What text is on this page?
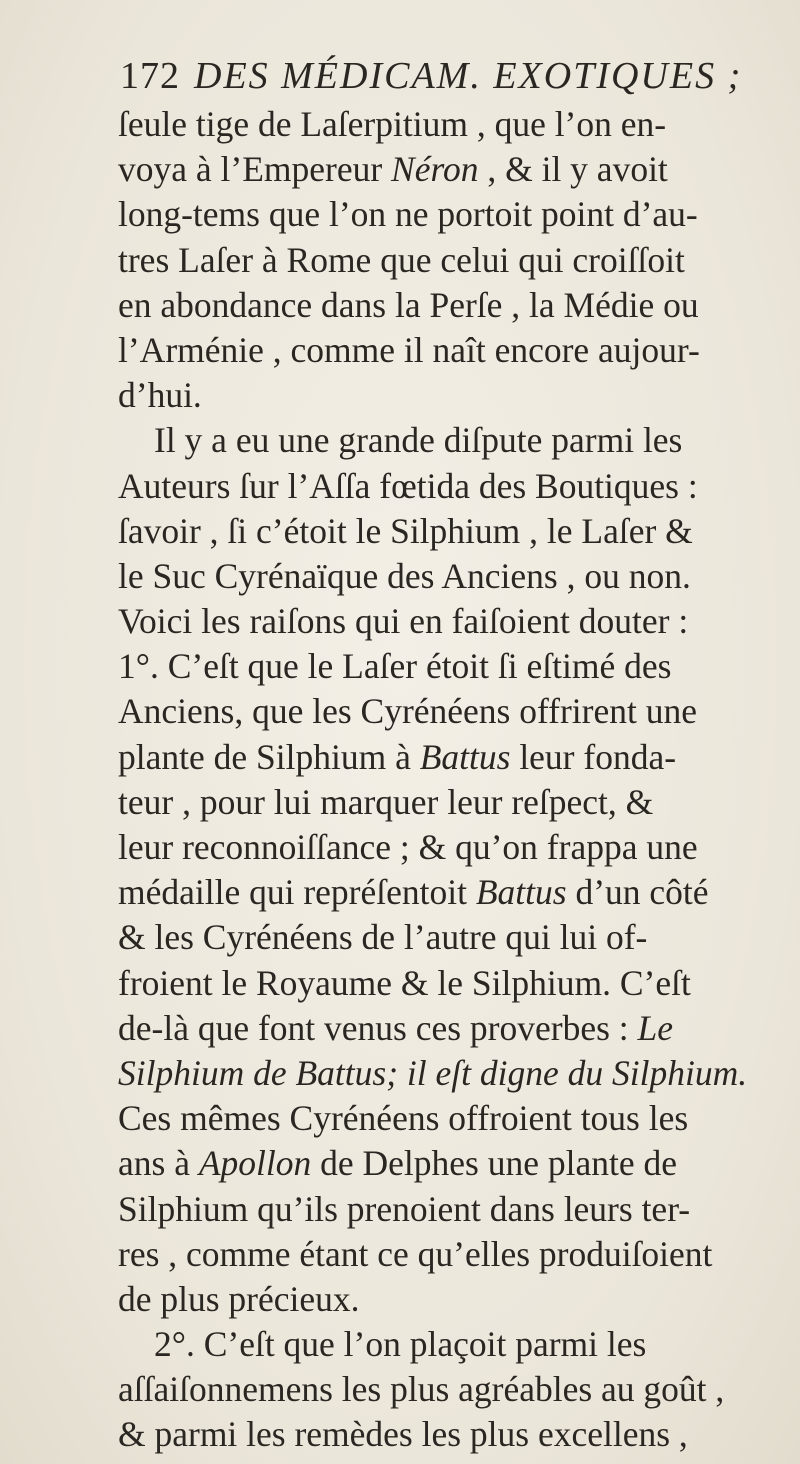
172 DES MÉDICAM. EXOTIQUES ;
ſeule tige de Laſerpitium , que l’on en-
voya à l’Empereur Néron , & il y avoit
long-tems que l’on ne portoit point d’au-
tres Laſer à Rome que celui qui croiſſoit
en abondance dans la Perſe , la Médie ou
l’Arménie , comme il naît encore aujour-
d’hui.
Il y a eu une grande diſpute parmi les
Auteurs ſur l’Aſſa fœtida des Boutiques :
ſavoir , ſi c’étoit le Silphium , le Laſer &
le Suc Cyrénaïque des Anciens , ou non.
Voici les raiſons qui en faiſoient douter :
1°. C’eſt que le Laſer étoit ſi eſtimé des
Anciens, que les Cyrénéens offrirent une
plante de Silphium à Battus leur fonda-
teur , pour lui marquer leur reſpect, &
leur reconnoiſſance ; & qu’on frappa une
médaille qui repréſentoit Battus d’un côté
& les Cyrénéens de l’autre qui lui of-
froient le Royaume & le Silphium. C’eſt
de-là que font venus ces proverbes : Le
Silphium de Battus; il eſt digne du Silphium.
Ces mêmes Cyrénéens offroient tous les
ans à Apollon de Delphes une plante de
Silphium qu’ils prenoient dans leurs ter-
res , comme étant ce qu’elles produiſoient
de plus précieux.
2°. C’eſt que l’on plaçoit parmi les
aſſaiſonnemens les plus agréables au goût ,
& parmi les remèdes les plus excellens ,
